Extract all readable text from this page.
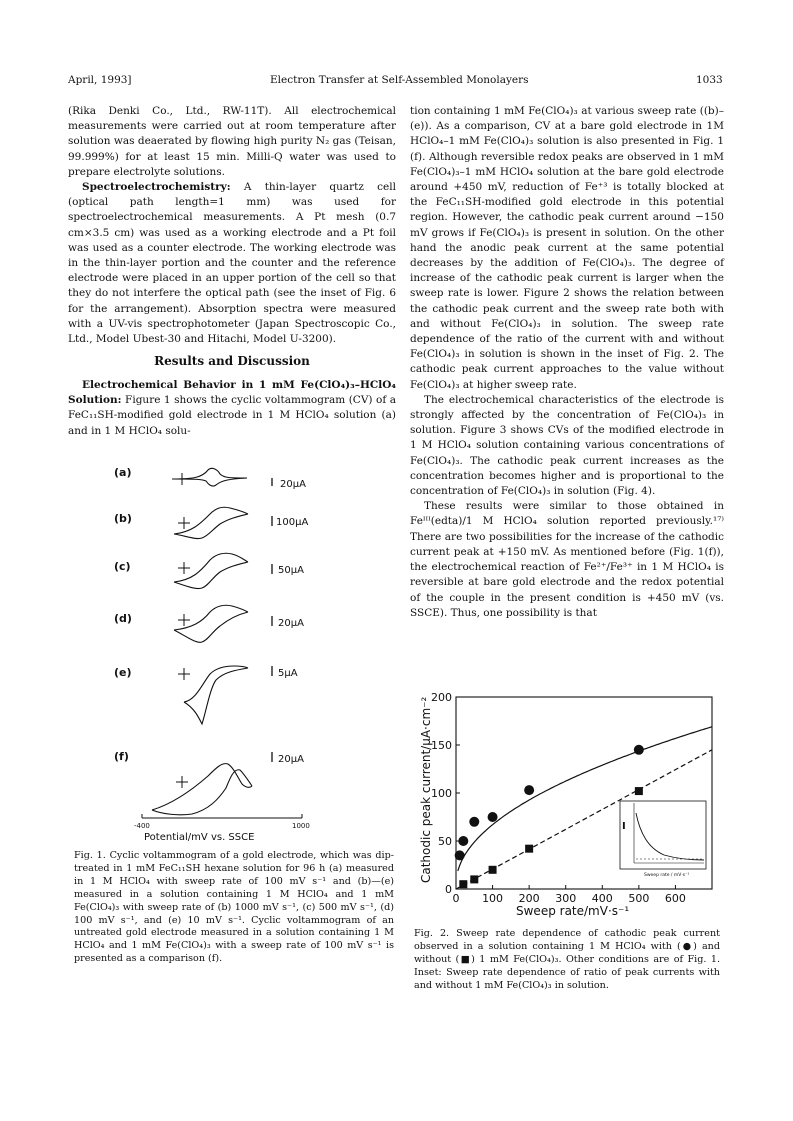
April, 1993]	Electron Transfer at Self-Assembled Monolayers	1033

(Rika Denki Co., Ltd., RW-11T). All electrochemical measurements were carried out at room temperature after solution was deaerated by flowing high purity N₂ gas (Teisan, 99.999%) for at least 15 min. Milli-Q water was used to prepare electrolyte solutions.

Spectroelectrochemistry: A thin-layer quartz cell (optical path length=1 mm) was used for spectroelectrochemical measurements. A Pt mesh (0.7 cm×3.5 cm) was used as a working electrode and a Pt foil was used as a counter electrode. The working electrode was in the thin-layer portion and the counter and the reference electrode were placed in an upper portion of the cell so that they do not interfere the optical path (see the inset of Fig. 6 for the arrangement). Absorption spectra were measured with a UV-vis spectrophotometer (Japan Spectroscopic Co., Ltd., Model Ubest-30 and Hitachi, Model U-3200).

Results and Discussion

Electrochemical Behavior in 1 mM Fe(ClO₄)₃–HClO₄ Solution: Figure 1 shows the cyclic voltammogram (CV) of a FeC₁₁SH-modified gold electrode in 1 M HClO₄ solution (a) and in 1 M HClO₄ solu-

(a)
20µA
(b)	100µA
(c)	50µA
(d)	20µA
(e)	5µA
(f)	20µA
-400	1000
Potential/mV vs. SSCE
Fig. 1. Cyclic voltammogram of a gold electrode, which was dip-treated in 1 mM FeC₁₁SH hexane solution for 96 h (a) measured in 1 M HClO₄ with sweep rate of 100 mV s⁻¹ and (b)—(e) measured in a solution containing 1 M HClO₄ and 1 mM Fe(ClO₄)₃ with sweep rate of (b) 1000 mV s⁻¹, (c) 500 mV s⁻¹, (d) 100 mV s⁻¹, and (e) 10 mV s⁻¹. Cyclic voltammogram of an untreated gold electrode measured in a solution containing 1 M HClO₄ and 1 mM Fe(ClO₄)₃ with a sweep rate of 100 mV s⁻¹ is presented as a comparison (f).

tion containing 1 mM Fe(ClO₄)₃ at various sweep rate ((b)–(e)). As a comparison, CV at a bare gold electrode in 1M HClO₄–1 mM Fe(ClO₄)₃ solution is also presented in Fig. 1 (f). Although reversible redox peaks are observed in 1 mM Fe(ClO₄)₃–1 mM HClO₄ solution at the bare gold electrode around +450 mV, reduction of Fe⁺³ is totally blocked at the FeC₁₁SH-modified gold electrode in this potential region. However, the cathodic peak current around −150 mV grows if Fe(ClO₄)₃ is present in solution. On the other hand the anodic peak current at the same potential decreases by the addition of Fe(ClO₄)₃. The degree of increase of the cathodic peak current is larger when the sweep rate is lower. Figure 2 shows the relation between the cathodic peak current and the sweep rate both with and without Fe(ClO₄)₃ in solution. The sweep rate dependence of the ratio of the current with and without Fe(ClO₄)₃ in solution is shown in the inset of Fig. 2. The cathodic peak current approaches to the value without Fe(ClO₄)₃ at higher sweep rate.

The electrochemical characteristics of the electrode is strongly affected by the concentration of Fe(ClO₄)₃ in solution. Figure 3 shows CVs of the modified electrode in 1 M HClO₄ solution containing various concentrations of Fe(ClO₄)₃. The cathodic peak current increases as the concentration becomes higher and is proportional to the concentration of Fe(ClO₄)₃ in solution (Fig. 4).

These results were similar to those obtained in Feᴵᴵᴵ(edta)/1 M HClO₄ solution reported previously.¹⁷⁾ There are two possibilities for the increase of the cathodic current peak at +150 mV. As mentioned before (Fig. 1(f)), the electrochemical reaction of Fe²⁺/Fe³⁺ in 1 M HClO₄ is reversible at bare gold electrode and the redox potential of the couple in the present condition is +450 mV (vs. SSCE). Thus, one possibility is that

Cathodic peak current/µA·cm⁻²
Sweep rate/mV·s⁻¹
0 100 200 300 400 500 600
0
50
100
150
200
I
Sweep rate / mV·s⁻¹
Fig. 2. Sweep rate dependence of cathodic peak current observed in a solution containing 1 M HClO₄ with (●) and without (■) 1 mM Fe(ClO₄)₃. Other conditions are of Fig. 1. Inset: Sweep rate dependence of ratio of peak currents with and without 1 mM Fe(ClO₄)₃ in solution.
